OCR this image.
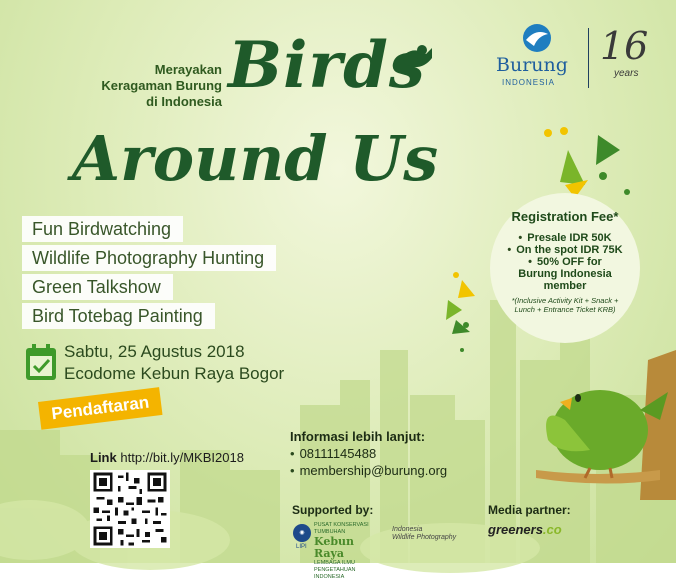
Merayakan
Keragaman Burung
di Indonesia Birds
Around Us
Burung
INDONESIA
16
years
Fun Birdwatching
Wildlife Photography Hunting
Green Talkshow
Bird Totebag Painting
Sabtu, 25 Agustus 2018
Ecodome Kebun Raya Bogor
Registration Fee*
• Presale IDR 50K
• On the spot IDR 75K
• 50% OFF for
Burung Indonesia
member
*(Inclusive Activity Kit + Snack + Lunch + Entrance Ticket KRB)
Pendaftaran
Link http://bit.ly/MKBI2018
Informasi lebih lanjut:
• 08111145488
• membership@burung.org
Supported by:
◉
LIPI
PUSAT KONSERVASI TUMBUHAN
Kebun Raya
LEMBAGA ILMU PENGETAHUAN INDONESIA
Indonesia
Wildlife Photography
Media partner:
greeners.co
